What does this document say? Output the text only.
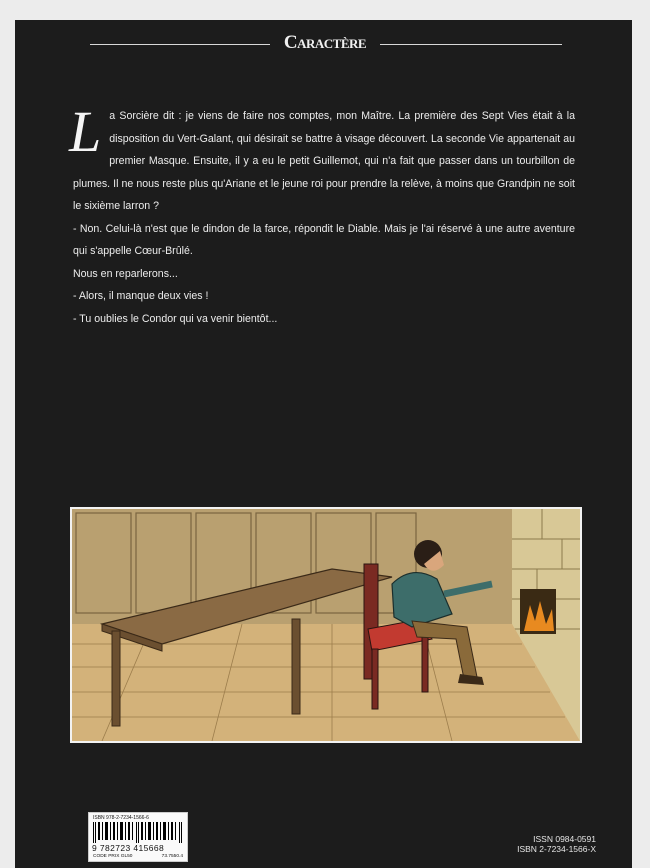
Caractère

La Sorcière dit : je viens de faire nos comptes, mon Maître. La première des Sept Vies était à la disposition du Vert-Galant, qui désirait se battre à visage découvert. La seconde Vie appartenait au premier Masque. Ensuite, il y a eu le petit Guillemot, qui n'a fait que passer dans un tourbillon de plumes. Il ne nous reste plus qu'Ariane et le jeune roi pour prendre la relève, à moins que Grandpin ne soit le sixième larron ?

- Non. Celui-là n'est que le dindon de la farce, répondit le Diable. Mais je l'ai réservé à une autre aventure qui s'appelle Cœur-Brûlé.

Nous en reparlerons...

- Alors, il manque deux vies !

- Tu oublies le Condor qui va venir bientôt...

ISBN 978-2-7234-1566-6
9 782723 415668
CODE PRIX GL50	73.7550.4
ISSN 0984-0591
ISBN 2-7234-1566-X
